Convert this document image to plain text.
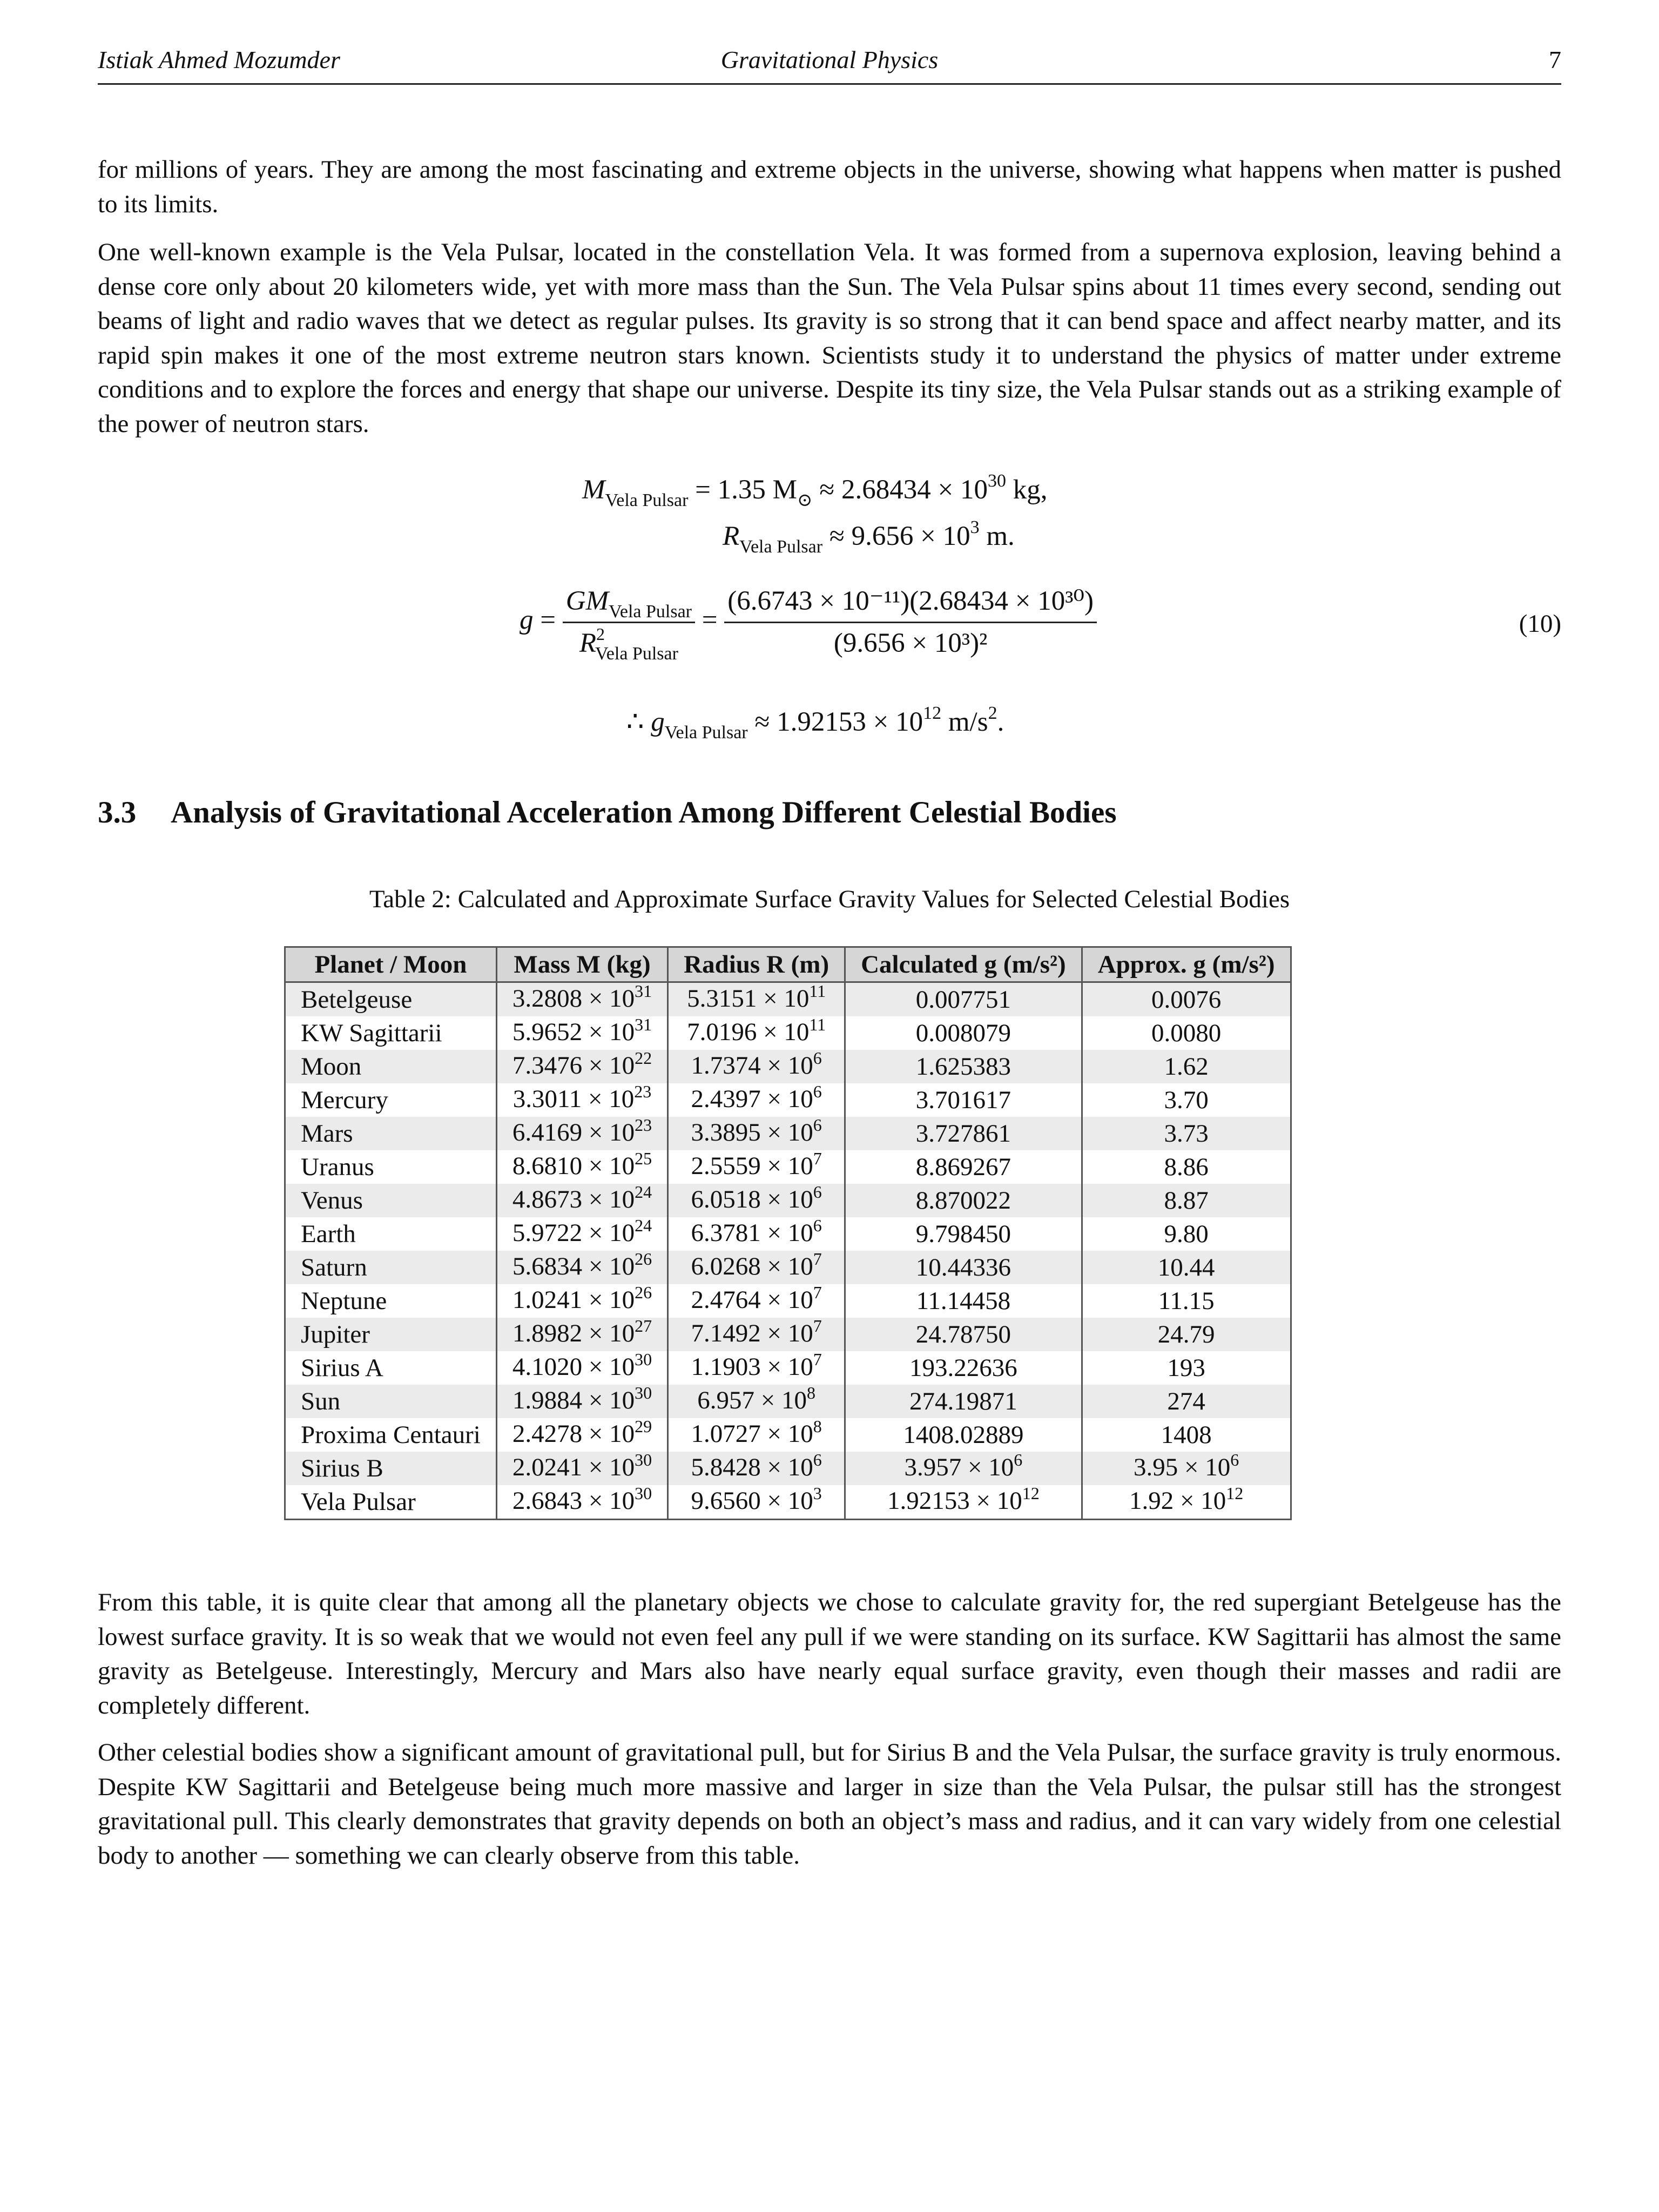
Istiak Ahmed Mozumder	Gravitational Physics	7

for millions of years. They are among the most fascinating and extreme objects in the universe, showing what happens when matter is pushed to its limits.

One well-known example is the Vela Pulsar, located in the constellation Vela. It was formed from a supernova explosion, leaving behind a dense core only about 20 kilometers wide, yet with more mass than the Sun. The Vela Pulsar spins about 11 times every second, sending out beams of light and radio waves that we detect as regular pulses. Its gravity is so strong that it can bend space and affect nearby matter, and its rapid spin makes it one of the most extreme neutron stars known. Scientists study it to understand the physics of matter under extreme conditions and to explore the forces and energy that shape our universe. Despite its tiny size, the Vela Pulsar stands out as a striking example of the power of neutron stars.

$M_{Vela Pulsar} = 1.35$ $M_⊙ \approx 2.68434 \times 10^{30}$ kg,
$R_{Vela Pulsar} \approx 9.656 \times 10^3$ m.
$g = \frac{GM_{Vela Pulsar}}{R^2_{Vela Pulsar}} = \frac{\text{(6.6743 × 10⁻¹¹)(2.68434 × 10³⁰)}}{\text{(9.656 × 10³)²}}$	(10)
∴ $g_{Vela Pulsar} \approx 1.92153 \times 10^{12}$ $m/s^2$.
3.3 Analysis of Gravitational Acceleration Among Different Celestial Bodies

Table 2: Calculated and Approximate Surface Gravity Values for Selected Celestial Bodies

Planet / Moon	Mass M (kg)	Radius R (m)	Calculated g (m/s²)	Approx. g (m/s²)
Betelgeuse	$3.2808 \times 10^{31}$	$5.3151 \times 10^{11}$	0.007751	0.0076
KW Sagittarii	$5.9652 \times 10^{31}$	$7.0196 \times 10^{11}$	0.008079	0.0080
Moon	$7.3476 \times 10^{22}$	$1.7374 \times 10^6$	1.625383	1.62
Mercury	$3.3011 \times 10^{23}$	$2.4397 \times 10^6$	3.701617	3.70
Mars	$6.4169 \times 10^{23}$	$3.3895 \times 10^6$	3.727861	3.73
Uranus	$8.6810 \times 10^{25}$	$2.5559 \times 10^7$	8.869267	8.86
Venus	$4.8673 \times 10^{24}$	$6.0518 \times 10^6$	8.870022	8.87
Earth	$5.9722 \times 10^{24}$	$6.3781 \times 10^6$	9.798450	9.80
Saturn	$5.6834 \times 10^{26}$	$6.0268 \times 10^7$	10.44336	10.44
Neptune	$1.0241 \times 10^{26}$	$2.4764 \times 10^7$	11.14458	11.15
Jupiter	$1.8982 \times 10^{27}$	$7.1492 \times 10^7$	24.78750	24.79
Sirius A	$4.1020 \times 10^{30}$	$1.1903 \times 10^7$	193.22636	193
Sun	$1.9884 \times 10^{30}$	$6.957 \times 10^8$	274.19871	274
Proxima Centauri	$2.4278 \times 10^{29}$	$1.0727 \times 10^8$	1408.02889	1408
Sirius B	$2.0241 \times 10^{30}$	$5.8428 \times 10^6$	$3.957 \times 10^6$	$3.95 \times 10^6$
Vela Pulsar	$2.6843 \times 10^{30}$	$9.6560 \times 10^3$	$1.92153 \times 10^{12}$	$1.92 \times 10^{12}$

From this table, it is quite clear that among all the planetary objects we chose to calculate gravity for, the red supergiant Betelgeuse has the lowest surface gravity. It is so weak that we would not even feel any pull if we were standing on its surface. KW Sagittarii has almost the same gravity as Betelgeuse. Interestingly, Mercury and Mars also have nearly equal surface gravity, even though their masses and radii are completely different.

Other celestial bodies show a significant amount of gravitational pull, but for Sirius B and the Vela Pulsar, the surface gravity is truly enormous. Despite KW Sagittarii and Betelgeuse being much more massive and larger in size than the Vela Pulsar, the pulsar still has the strongest gravitational pull. This clearly demonstrates that gravity depends on both an object’s mass and radius, and it can vary widely from one celestial body to another — something we can clearly observe from this table.
